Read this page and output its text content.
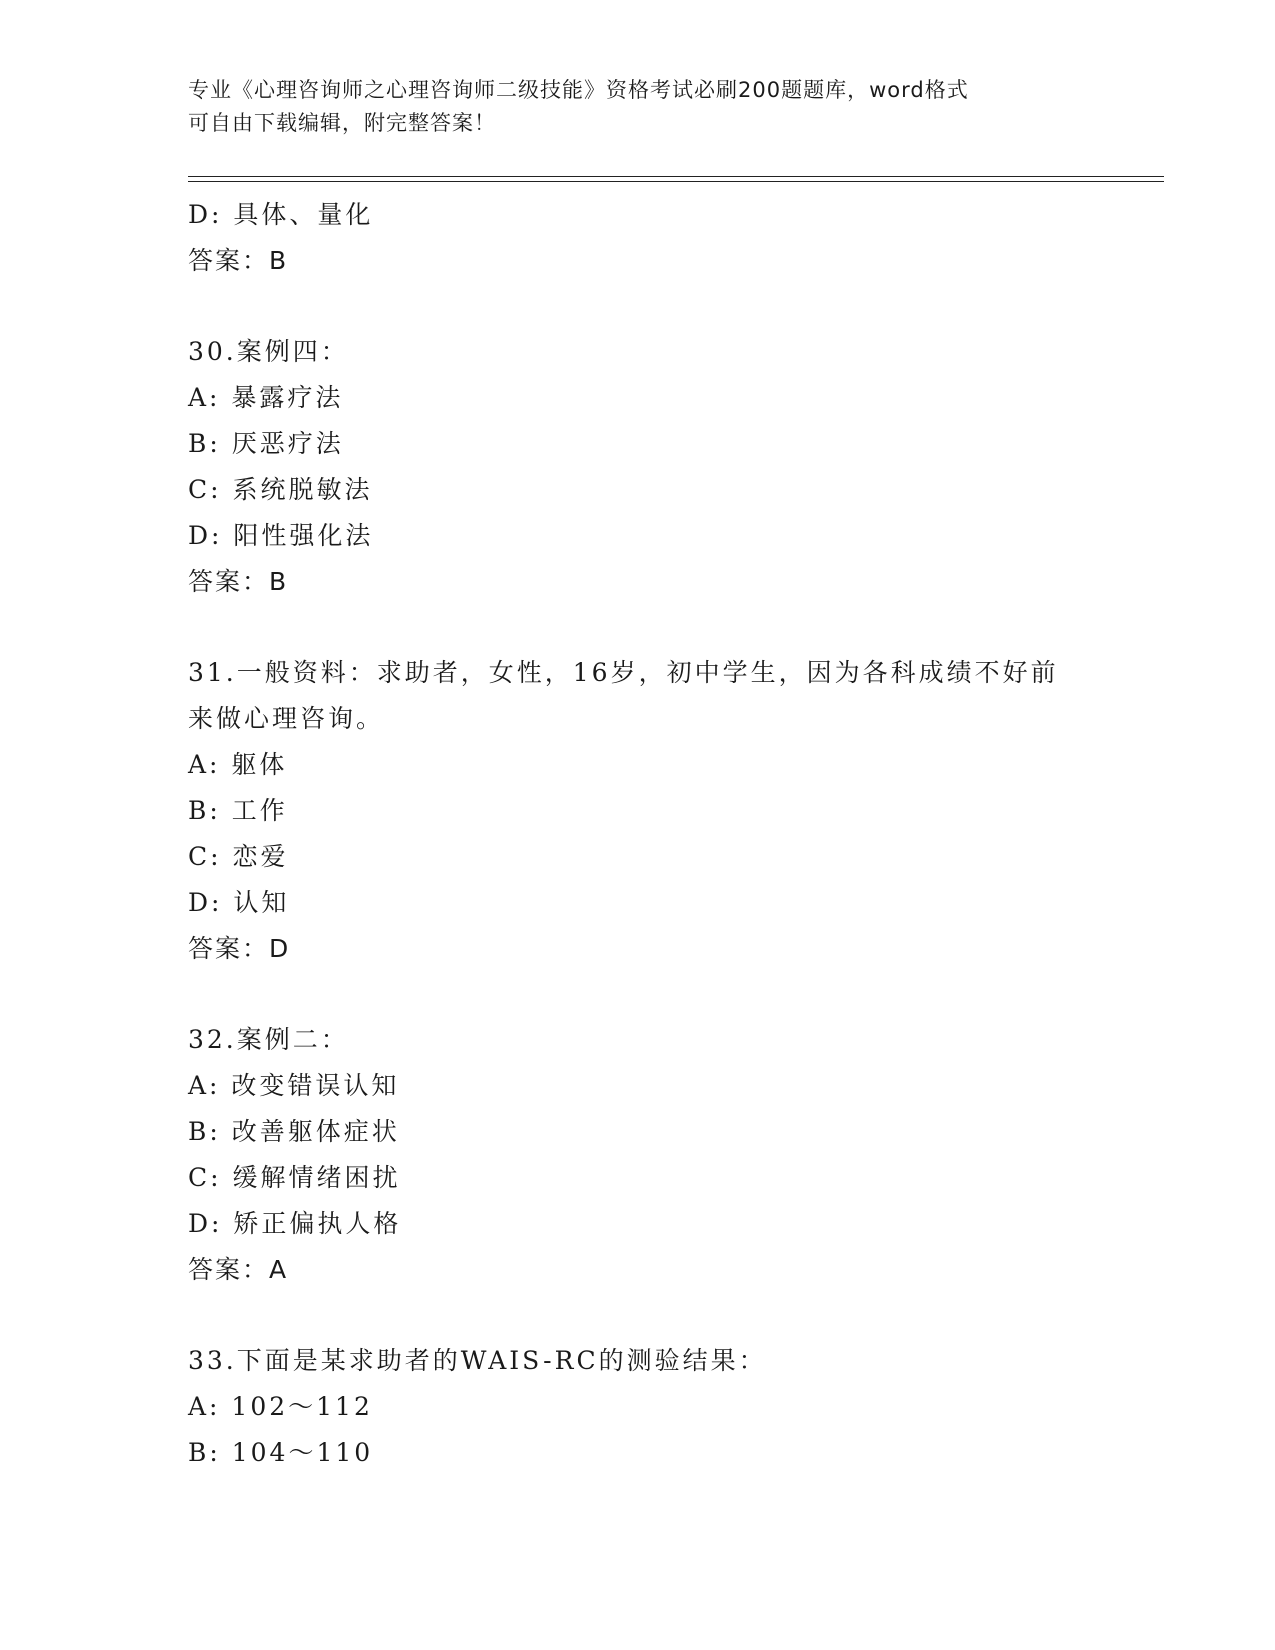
专业《心理咨询师之心理咨询师二级技能》资格考试必刷200题题库，word格式
可自由下载编辑，附完整答案！
D: 具体、量化
答案：B
30.案例四：
A: 暴露疗法
B: 厌恶疗法
C: 系统脱敏法
D: 阳性强化法
答案：B
31.一般资料：求助者，女性，16岁，初中学生，因为各科成绩不好前
来做心理咨询。
A: 躯体
B: 工作
C: 恋爱
D: 认知
答案：D
32.案例二：
A: 改变错误认知
B: 改善躯体症状
C: 缓解情绪困扰
D: 矫正偏执人格
答案：A
33.下面是某求助者的WAIS-RC的测验结果：
A: 102～112
B: 104～110
